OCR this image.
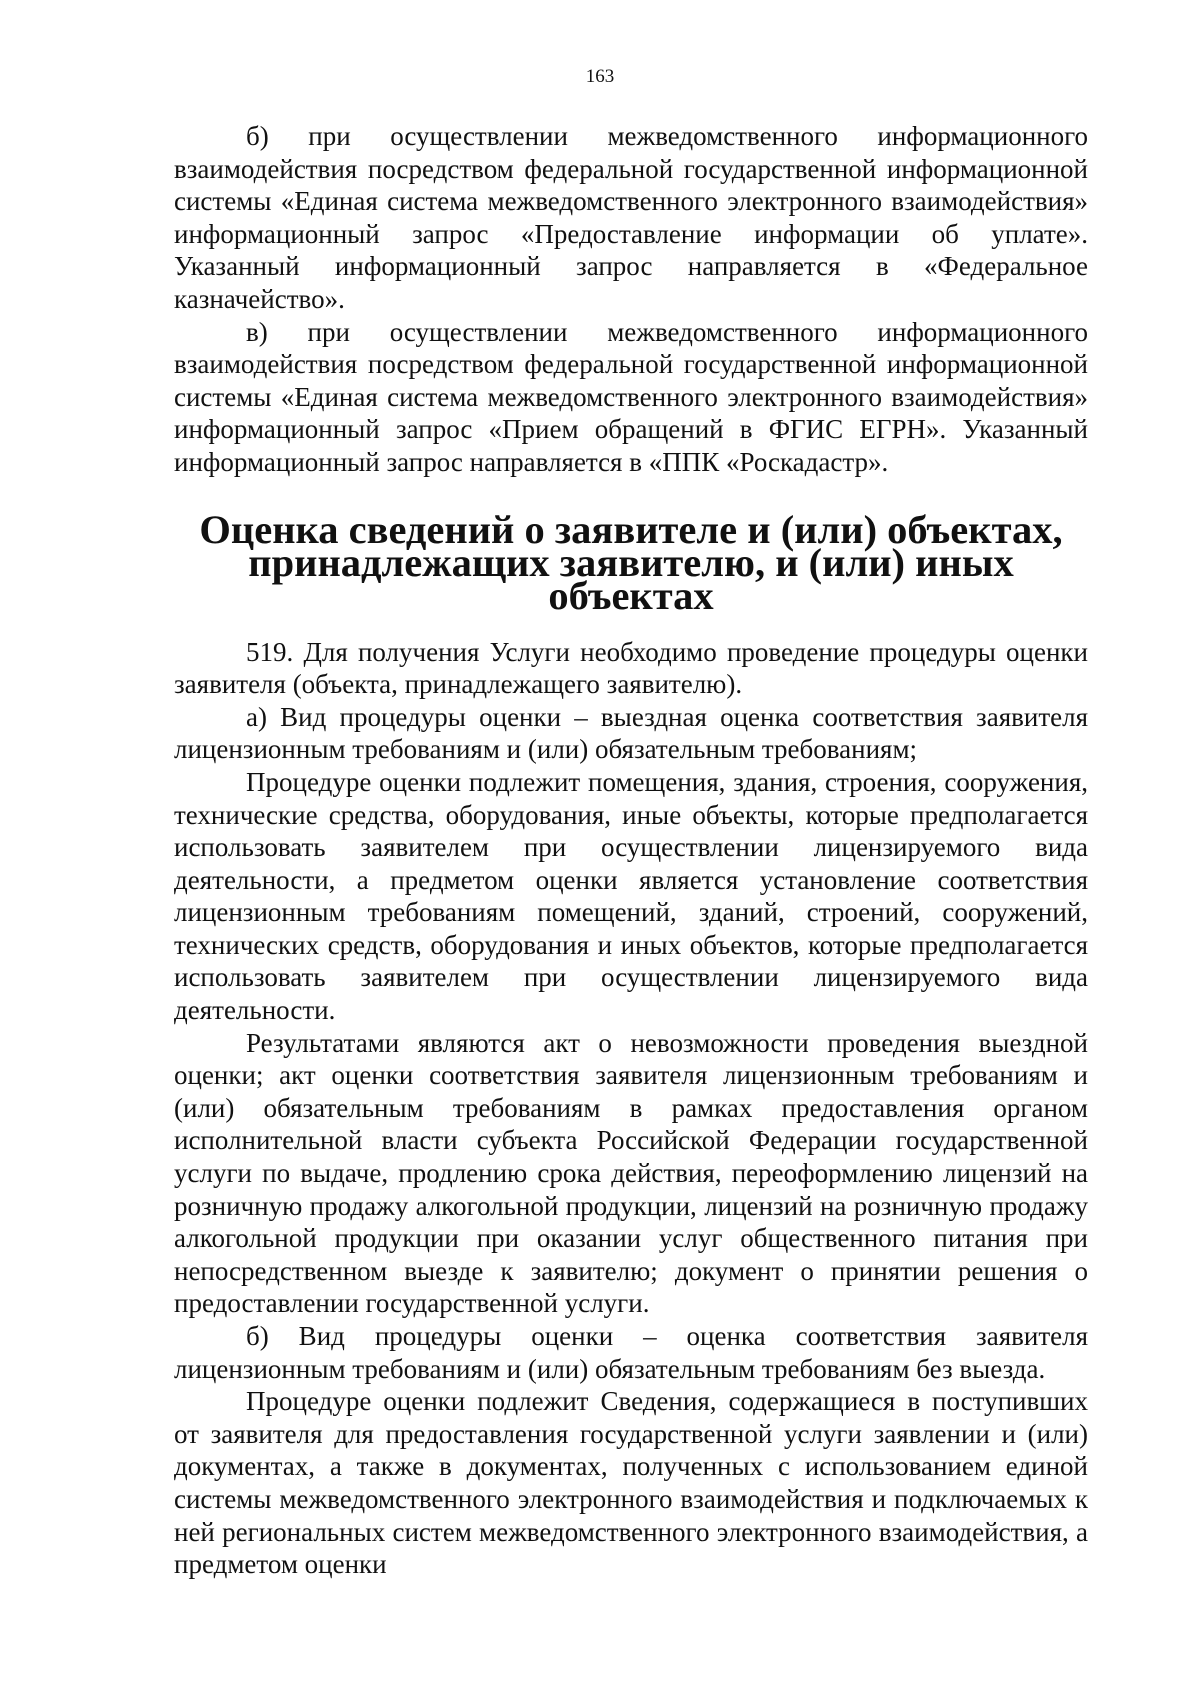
163

б) при осуществлении межведомственного информационного взаимодействия посредством федеральной государственной информационной системы «Единая система межведомственного электронного взаимодействия» информационный запрос «Предоставление информации об уплате». Указанный информационный запрос направляется в «Федеральное казначейство».

в) при осуществлении межведомственного информационного взаимодействия посредством федеральной государственной информационной системы «Единая система межведомственного электронного взаимодействия» информационный запрос «Прием обращений в ФГИС ЕГРН». Указанный информационный запрос направляется в «ППК «Роскадастр».

Оценка сведений о заявителе и (или) объектах, принадлежащих заявителю, и (или) иных объектах

519. Для получения Услуги необходимо проведение процедуры оценки заявителя (объекта, принадлежащего заявителю).

а) Вид процедуры оценки – выездная оценка соответствия заявителя лицензионным требованиям и (или) обязательным требованиям;

Процедуре оценки подлежит помещения, здания, строения, сооружения, технические средства, оборудования, иные объекты, которые предполагается использовать заявителем при осуществлении лицензируемого вида деятельности, а предметом оценки является установление соответствия лицензионным требованиям помещений, зданий, строений, сооружений, технических средств, оборудования и иных объектов, которые предполагается использовать заявителем при осуществлении лицензируемого вида деятельности.

Результатами являются акт о невозможности проведения выездной оценки; акт оценки соответствия заявителя лицензионным требованиям и (или) обязательным требованиям в рамках предоставления органом исполнительной власти субъекта Российской Федерации государственной услуги по выдаче, продлению срока действия, переоформлению лицензий на розничную продажу алкогольной продукции, лицензий на розничную продажу алкогольной продукции при оказании услуг общественного питания при непосредственном выезде к заявителю; документ о принятии решения о предоставлении государственной услуги.

б) Вид процедуры оценки – оценка соответствия заявителя лицензионным требованиям и (или) обязательным требованиям без выезда.

Процедуре оценки подлежит Сведения, содержащиеся в поступивших от заявителя для предоставления государственной услуги заявлении и (или) документах, а также в документах, полученных с использованием единой системы межведомственного электронного взаимодействия и подключаемых к ней региональных систем межведомственного электронного взаимодействия, а предметом оценки
